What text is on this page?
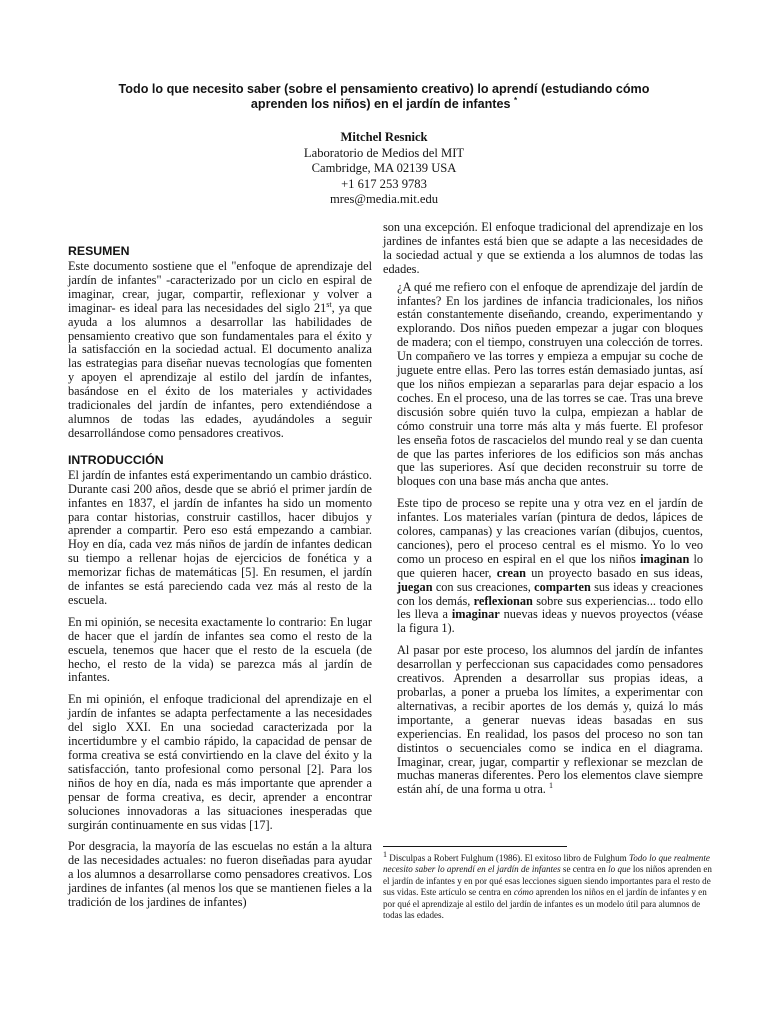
Todo lo que necesito saber (sobre el pensamiento creativo) lo aprendí (estudiando cómo
aprenden los niños) en el jardín de infantes *
Mitchel Resnick
Laboratorio de Medios del MIT
Cambridge, MA 02139 USA
+1 617 253 9783
mres@media.mit.edu
RESUMEN

Este documento sostiene que el "enfoque de aprendizaje del jardín de infantes" -caracterizado por un ciclo en espiral de imaginar, crear, jugar, compartir, reflexionar y volver a imaginar- es ideal para las necesidades del siglo 21st, ya que ayuda a los alumnos a desarrollar las habilidades de pensamiento creativo que son fundamentales para el éxito y la satisfacción en la sociedad actual. El documento analiza las estrategias para diseñar nuevas tecnologías que fomenten y apoyen el aprendizaje al estilo del jardín de infantes, basándose en el éxito de los materiales y actividades tradicionales del jardín de infantes, pero extendiéndose a alumnos de todas las edades, ayudándoles a seguir desarrollándose como pensadores creativos.

INTRODUCCIÓN

El jardín de infantes está experimentando un cambio drástico. Durante casi 200 años, desde que se abrió el primer jardín de infantes en 1837, el jardín de infantes ha sido un momento para contar historias, construir castillos, hacer dibujos y aprender a compartir. Pero eso está empezando a cambiar. Hoy en día, cada vez más niños de jardín de infantes dedican su tiempo a rellenar hojas de ejercicios de fonética y a memorizar fichas de matemáticas [5]. En resumen, el jardín de infantes se está pareciendo cada vez más al resto de la escuela.

En mi opinión, se necesita exactamente lo contrario: En lugar de hacer que el jardín de infantes sea como el resto de la escuela, tenemos que hacer que el resto de la escuela (de hecho, el resto de la vida) se parezca más al jardín de infantes.

En mi opinión, el enfoque tradicional del aprendizaje en el jardín de infantes se adapta perfectamente a las necesidades del siglo XXI. En una sociedad caracterizada por la incertidumbre y el cambio rápido, la capacidad de pensar de forma creativa se está convirtiendo en la clave del éxito y la satisfacción, tanto profesional como personal [2]. Para los niños de hoy en día, nada es más importante que aprender a pensar de forma creativa, es decir, aprender a encontrar soluciones innovadoras a las situaciones inesperadas que surgirán continuamente en sus vidas [17].

Por desgracia, la mayoría de las escuelas no están a la altura de las necesidades actuales: no fueron diseñadas para ayudar a los alumnos a desarrollarse como pensadores creativos. Los jardines de infantes (al menos los que se mantienen fieles a la tradición de los jardines de infantes)

son una excepción. El enfoque tradicional del aprendizaje en los jardines de infantes está bien que se adapte a las necesidades de la sociedad actual y que se extienda a los alumnos de todas las edades.

¿A qué me refiero con el enfoque de aprendizaje del jardín de infantes? En los jardines de infancia tradicionales, los niños están constantemente diseñando, creando, experimentando y explorando. Dos niños pueden empezar a jugar con bloques de madera; con el tiempo, construyen una colección de torres. Un compañero ve las torres y empieza a empujar su coche de juguete entre ellas. Pero las torres están demasiado juntas, así que los niños empiezan a separarlas para dejar espacio a los coches. En el proceso, una de las torres se cae. Tras una breve discusión sobre quién tuvo la culpa, empiezan a hablar de cómo construir una torre más alta y más fuerte. El profesor les enseña fotos de rascacielos del mundo real y se dan cuenta de que las partes inferiores de los edificios son más anchas que las superiores. Así que deciden reconstruir su torre de bloques con una base más ancha que antes.

Este tipo de proceso se repite una y otra vez en el jardín de infantes. Los materiales varían (pintura de dedos, lápices de colores, campanas) y las creaciones varían (dibujos, cuentos, canciones), pero el proceso central es el mismo. Yo lo veo como un proceso en espiral en el que los niños imaginan lo que quieren hacer, crean un proyecto basado en sus ideas, juegan con sus creaciones, comparten sus ideas y creaciones con los demás, reflexionan sobre sus experiencias... todo ello les lleva a imaginar nuevas ideas y nuevos proyectos (véase la figura 1).

Al pasar por este proceso, los alumnos del jardín de infantes desarrollan y perfeccionan sus capacidades como pensadores creativos. Aprenden a desarrollar sus propias ideas, a probarlas, a poner a prueba los límites, a experimentar con alternativas, a recibir aportes de los demás y, quizá lo más importante, a generar nuevas ideas basadas en sus experiencias. En realidad, los pasos del proceso no son tan distintos o secuenciales como se indica en el diagrama. Imaginar, crear, jugar, compartir y reflexionar se mezclan de muchas maneras diferentes. Pero los elementos clave siempre están ahí, de una forma u otra. $^1$

1 Disculpas a Robert Fulghum (1986). El exitoso libro de Fulghum Todo lo que realmente necesito saber lo aprendí en el jardín de infantes se centra en lo que los niños aprenden en el jardín de infantes y en por qué esas lecciones siguen siendo importantes para el resto de sus vidas. Este artículo se centra en cómo aprenden los niños en el jardín de infantes y en por qué el aprendizaje al estilo del jardín de infantes es un modelo útil para alumnos de todas las edades.
